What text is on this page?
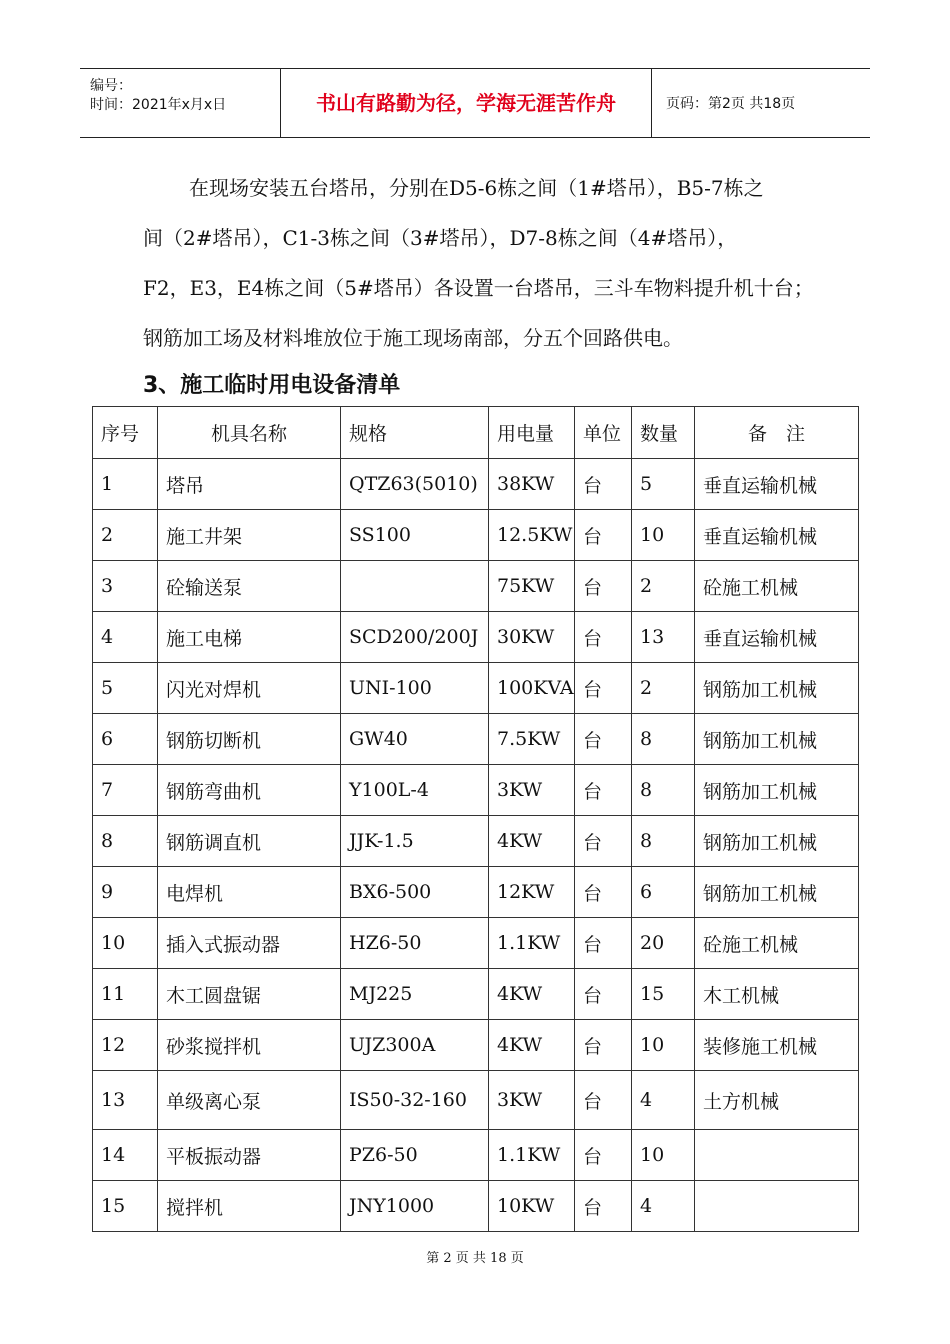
编号：
时间：2021年x月x日	书山有路勤为径，学海无涯苦作舟	页码：第2页 共18页
在现场安装五台塔吊，分别在D5-6栋之间（1#塔吊），B5-7栋之
间（2#塔吊），C1-3栋之间（3#塔吊），D7-8栋之间（4#塔吊），
F2，E3，E4栋之间（5#塔吊）各设置一台塔吊，三斗车物料提升机十台；
钢筋加工场及材料堆放位于施工现场南部，分五个回路供电。
3、施工临时用电设备清单
序号	机具名称	规格	用电量	单位	数量	备　注
1	塔吊	QTZ63(5010)	38KW	台	5	垂直运输机械
2	施工井架	SS100	12.5KW	台	10	垂直运输机械
3	砼输送泵		75KW	台	2	砼施工机械
4	施工电梯	SCD200/200J	30KW	台	13	垂直运输机械
5	闪光对焊机	UNI-100	100KVA	台	2	钢筋加工机械
6	钢筋切断机	GW40	7.5KW	台	8	钢筋加工机械
7	钢筋弯曲机	Y100L-4	3KW	台	8	钢筋加工机械
8	钢筋调直机	JJK-1.5	4KW	台	8	钢筋加工机械
9	电焊机	BX6-500	12KW	台	6	钢筋加工机械
10	插入式振动器	HZ6-50	1.1KW	台	20	砼施工机械
11	木工圆盘锯	MJ225	4KW	台	15	木工机械
12	砂浆搅拌机	UJZ300A	4KW	台	10	装修施工机械
13	单级离心泵	IS50-32-160	3KW	台	4	土方机械
14	平板振动器	PZ6-50	1.1KW	台	10	
15	搅拌机	JNY1000	10KW	台	4	
第 2 页 共 18 页
